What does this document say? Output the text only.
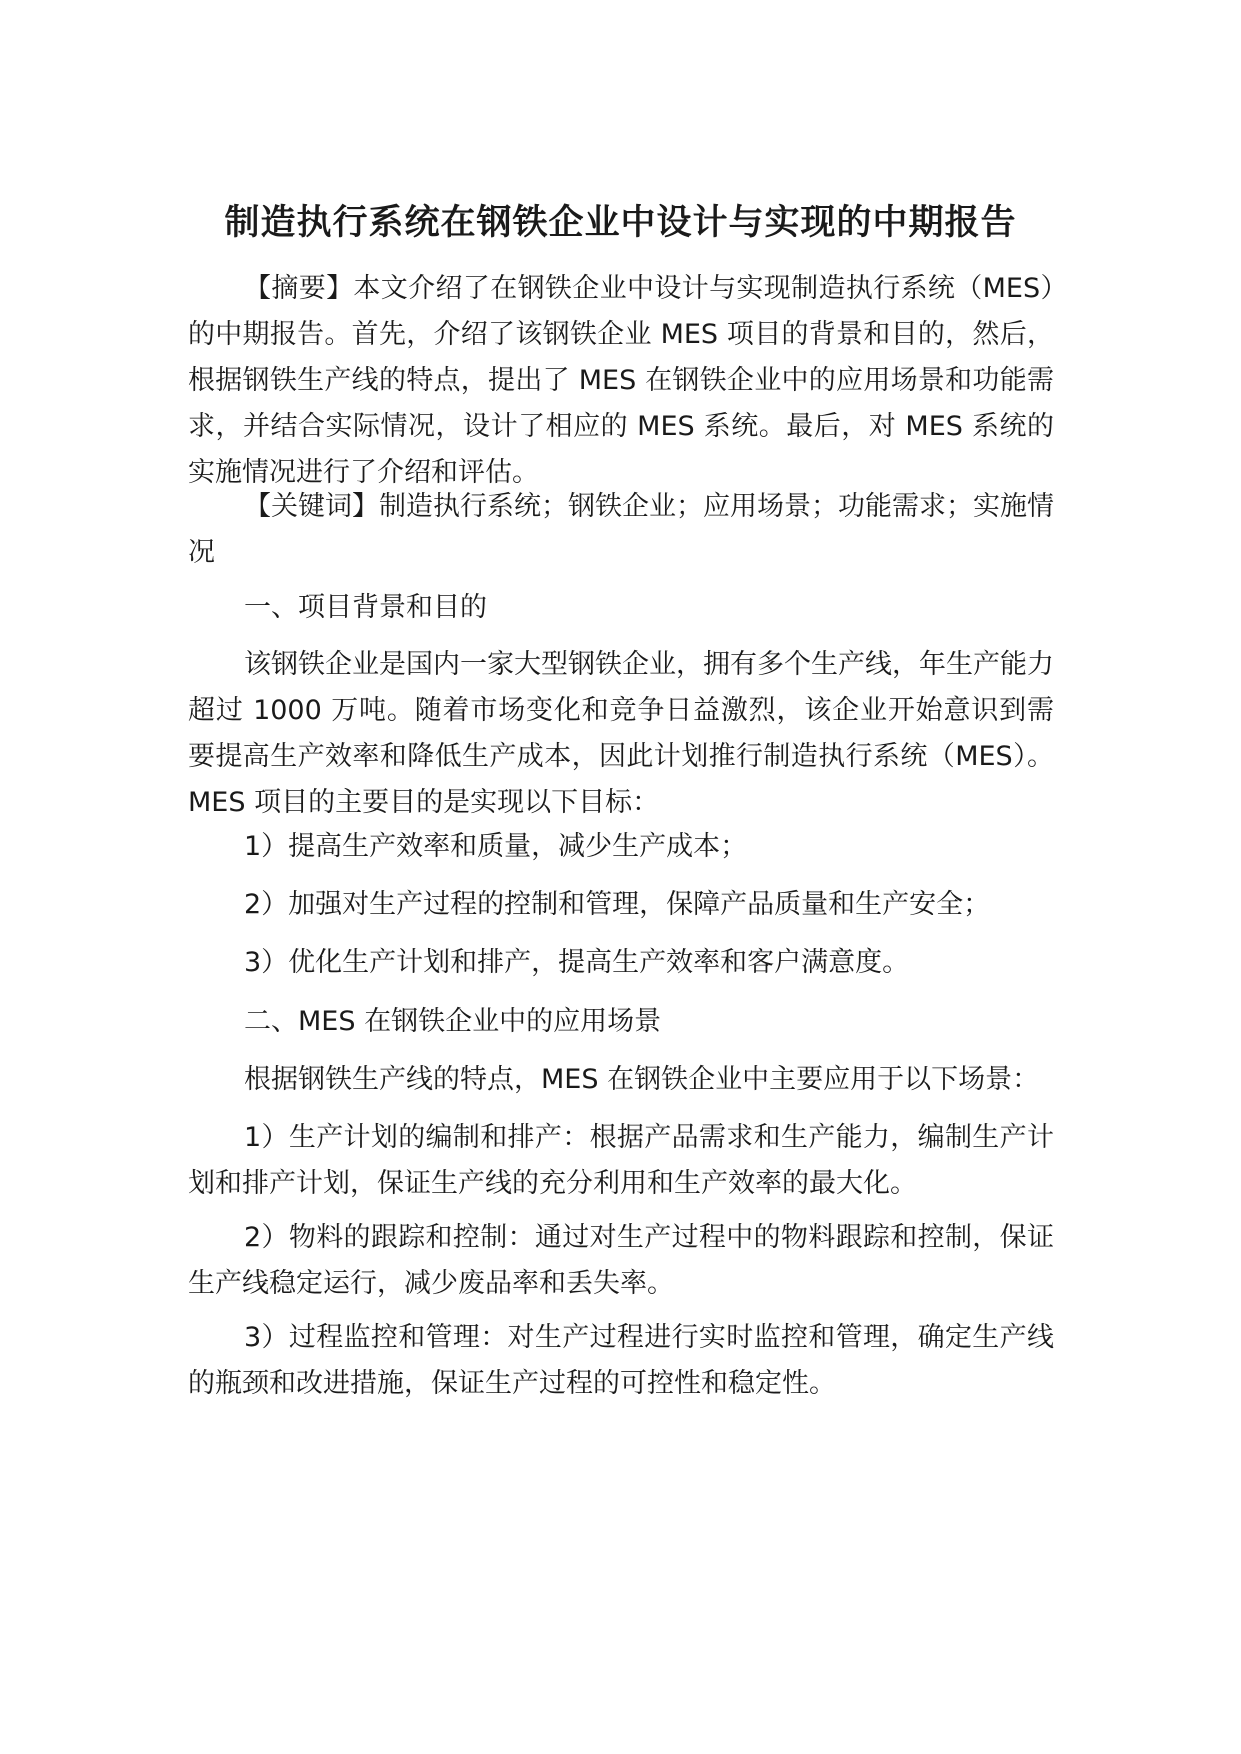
制造执行系统在钢铁企业中设计与实现的中期报告

【摘要】本文介绍了在钢铁企业中设计与实现制造执行系统（MES）的中期报告。首先，介绍了该钢铁企业 MES 项目的背景和目的，然后，根据钢铁生产线的特点，提出了 MES 在钢铁企业中的应用场景和功能需求，并结合实际情况，设计了相应的 MES 系统。最后，对 MES 系统的实施情况进行了介绍和评估。

【关键词】制造执行系统；钢铁企业；应用场景；功能需求；实施情况

一、项目背景和目的

该钢铁企业是国内一家大型钢铁企业，拥有多个生产线，年生产能力超过 1000 万吨。随着市场变化和竞争日益激烈，该企业开始意识到需要提高生产效率和降低生产成本，因此计划推行制造执行系统（MES）。MES 项目的主要目的是实现以下目标：

1）提高生产效率和质量，减少生产成本；

2）加强对生产过程的控制和管理，保障产品质量和生产安全；

3）优化生产计划和排产，提高生产效率和客户满意度。

二、MES 在钢铁企业中的应用场景

根据钢铁生产线的特点，MES 在钢铁企业中主要应用于以下场景：

1）生产计划的编制和排产：根据产品需求和生产能力，编制生产计划和排产计划，保证生产线的充分利用和生产效率的最大化。

2）物料的跟踪和控制：通过对生产过程中的物料跟踪和控制，保证生产线稳定运行，减少废品率和丢失率。

3）过程监控和管理：对生产过程进行实时监控和管理，确定生产线的瓶颈和改进措施，保证生产过程的可控性和稳定性。
